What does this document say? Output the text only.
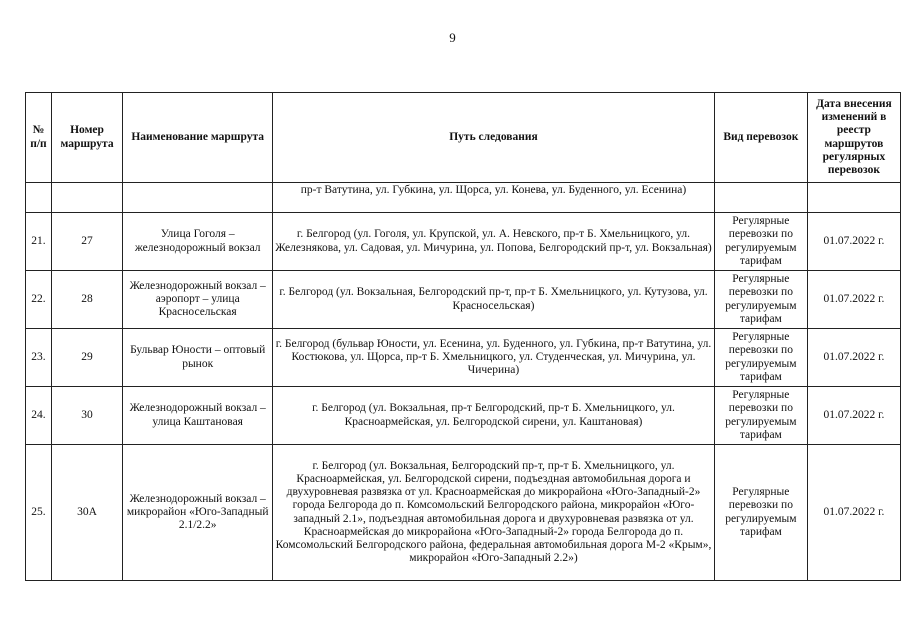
9
№ п/п	Номер маршрута	Наименование маршрута	Путь следования	Вид перевозок	Дата внесения изменений в реестр маршрутов регулярных перевозок
			пр-т Ватутина, ул. Губкина, ул. Щорса, ул. Конева, ул. Буденного, ул. Есенина)		
21.	27	Улица Гоголя – железнодорожный вокзал	г. Белгород (ул. Гоголя, ул. Крупской, ул. А. Невского, пр-т Б. Хмельницкого, ул. Железнякова, ул. Садовая, ул. Мичурина, ул. Попова, Белгородский пр-т, ул. Вокзальная)	Регулярные перевозки по регулируемым тарифам	01.07.2022 г.
22.	28	Железнодорожный вокзал – аэропорт – улица Красносельская	г. Белгород (ул. Вокзальная, Белгородский пр-т, пр-т Б. Хмельницкого, ул. Кутузова, ул. Красносельская)	Регулярные перевозки по регулируемым тарифам	01.07.2022 г.
23.	29	Бульвар Юности – оптовый рынок	г. Белгород (бульвар Юности, ул. Есенина, ул. Буденного, ул. Губкина, пр-т Ватутина, ул. Костюкова, ул. Щорса, пр-т Б. Хмельницкого, ул. Студенческая, ул. Мичурина, ул. Чичерина)	Регулярные перевозки по регулируемым тарифам	01.07.2022 г.
24.	30	Железнодорожный вокзал – улица Каштановая	г. Белгород (ул. Вокзальная, пр-т Белгородский, пр-т Б. Хмельницкого, ул. Красноармейская, ул. Белгородской сирени, ул. Каштановая)	Регулярные перевозки по регулируемым тарифам	01.07.2022 г.
25.	30А	Железнодорожный вокзал – микрорайон «Юго-Западный 2.1/2.2»	г. Белгород (ул. Вокзальная, Белгородский пр-т, пр-т Б. Хмельницкого, ул. Красноармейская, ул. Белгородской сирени, подъездная автомобильная дорога и двухуровневая развязка от ул. Красноармейская до микрорайона «Юго-Западный-2» города Белгорода до п. Комсомольский Белгородского района, микрорайон «Юго-западный 2.1», подъездная автомобильная дорога и двухуровневая развязка от ул. Красноармейская до микрорайона «Юго-Западный-2» города Белгорода до п. Комсомольский Белгородского района, федеральная автомобильная дорога М-2 «Крым», микрорайон «Юго-Западный 2.2»)	Регулярные перевозки по регулируемым тарифам	01.07.2022 г.
